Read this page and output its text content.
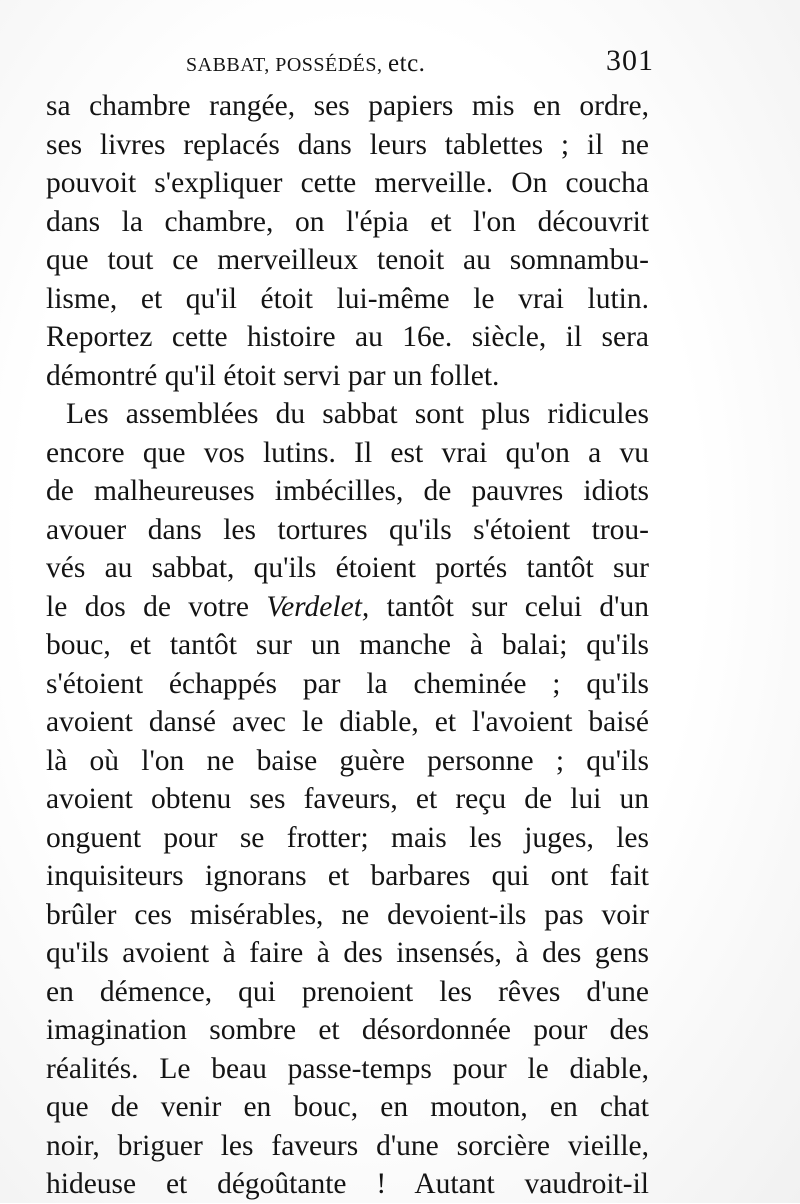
SABBAT, POSSÉDÉS, etc.	301
sa chambre rangée, ses papiers mis en ordre,
ses livres replacés dans leurs tablettes ; il ne
pouvoit s'expliquer cette merveille. On coucha
dans la chambre, on l'épia et l'on découvrit
que tout ce merveilleux tenoit au somnambu-
lisme, et qu'il étoit lui-même le vrai lutin.
Reportez cette histoire au 16e. siècle, il sera
démontré qu'il étoit servi par un follet.
Les assemblées du sabbat sont plus ridicules
encore que vos lutins. Il est vrai qu'on a vu
de malheureuses imbécilles, de pauvres idiots
avouer dans les tortures qu'ils s'étoient trou-
vés au sabbat, qu'ils étoient portés tantôt sur
le dos de votre Verdelet, tantôt sur celui d'un
bouc, et tantôt sur un manche à balai; qu'ils
s'étoient échappés par la cheminée ; qu'ils
avoient dansé avec le diable, et l'avoient baisé
là où l'on ne baise guère personne ; qu'ils
avoient obtenu ses faveurs, et reçu de lui un
onguent pour se frotter; mais les juges, les
inquisiteurs ignorans et barbares qui ont fait
brûler ces misérables, ne devoient-ils pas voir
qu'ils avoient à faire à des insensés, à des gens
en démence, qui prenoient les rêves d'une
imagination sombre et désordonnée pour des
réalités. Le beau passe-temps pour le diable,
que de venir en bouc, en mouton, en chat
noir, briguer les faveurs d'une sorcière vieille,
hideuse et dégoûtante ! Autant vaudroit-il
